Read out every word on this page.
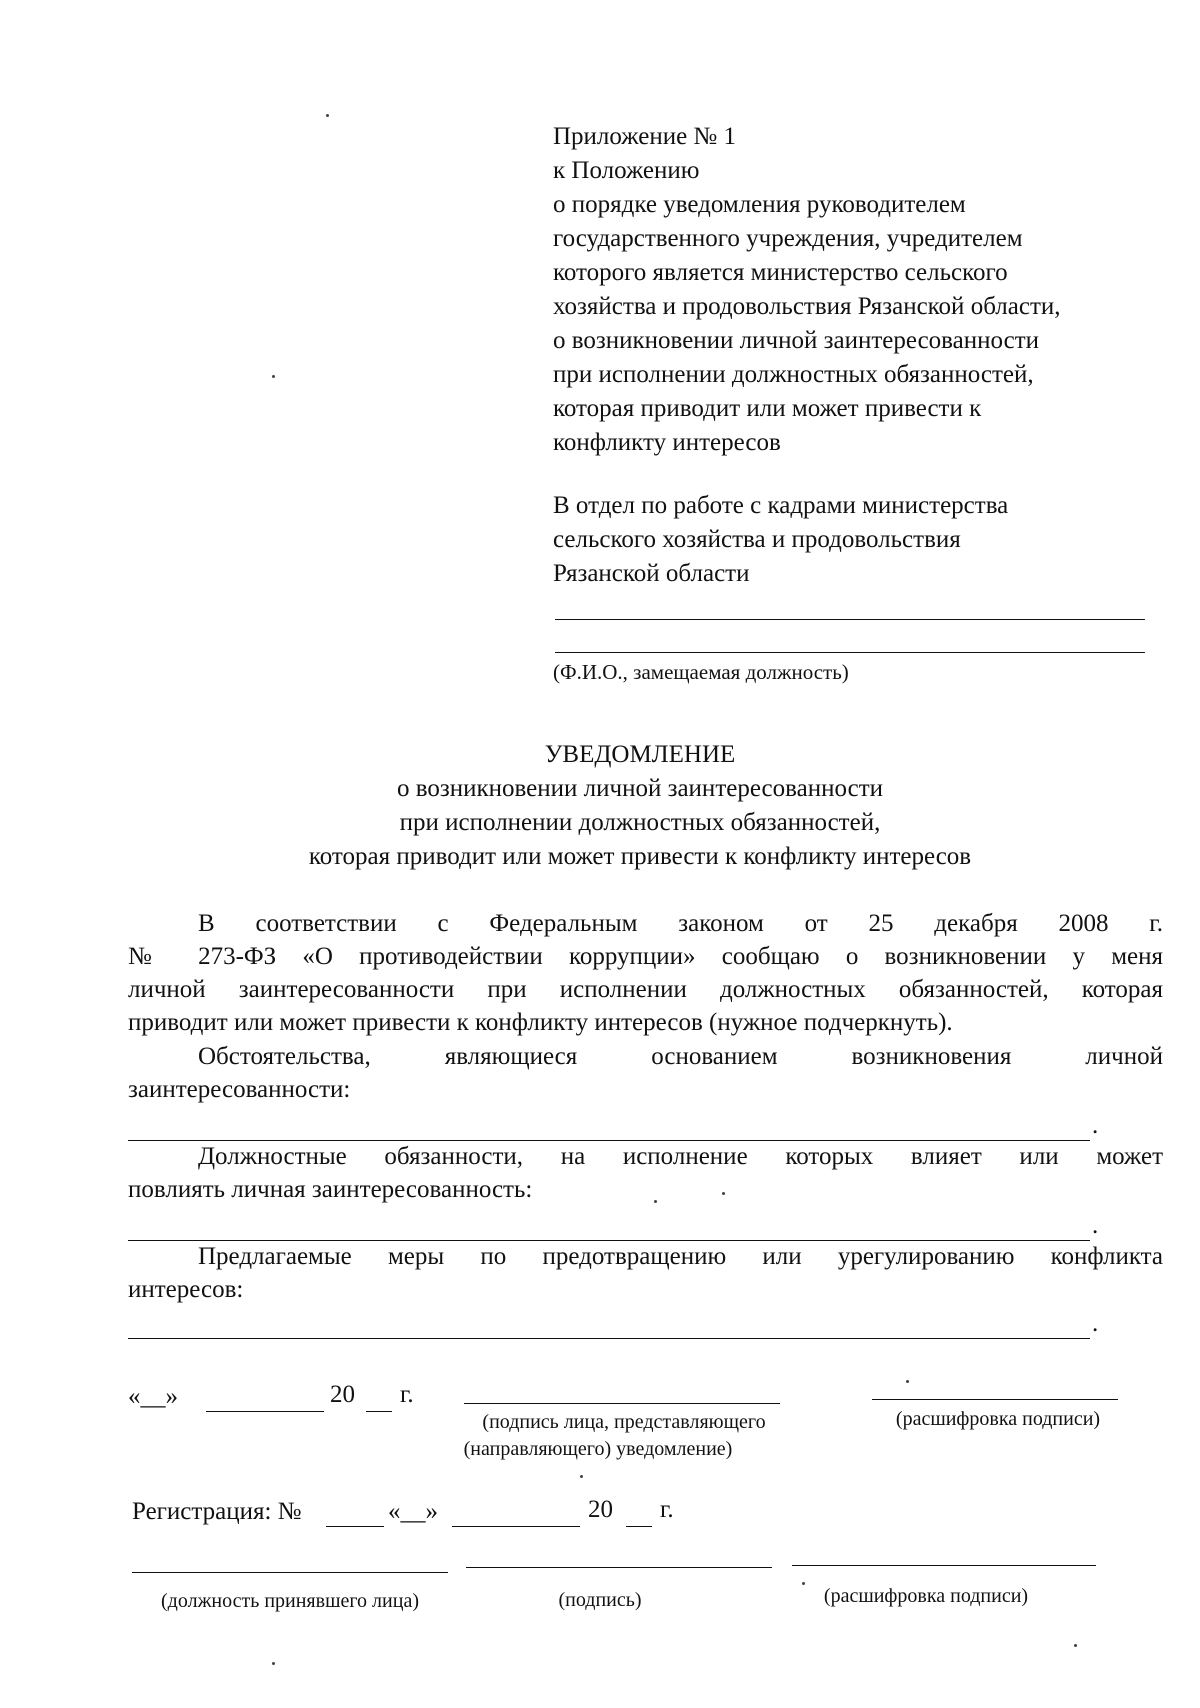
Приложение № 1
к Положению
о порядке уведомления руководителем
государственного учреждения, учредителем
которого является министерство сельского
хозяйства и продовольствия Рязанской области,
о возникновении личной заинтересованности
при исполнении должностных обязанностей,
которая приводит или может привести к
конфликту интересов
В отдел по работе с кадрами министерства
сельского хозяйства и продовольствия
Рязанской области
(Ф.И.О., замещаемая должность)
УВЕДОМЛЕНИЕ
о возникновении личной заинтересованности
при исполнении должностных обязанностей,
которая приводит или может привести к конфликту интересов
В соответствии с Федеральным законом от 25 декабря 2008 г.
№ 273-ФЗ «О противодействии коррупции» сообщаю о возникновении у меня
личной заинтересованности при исполнении должностных обязанностей, которая
приводит или может привести к конфликту интересов (нужное подчеркнуть).
Обстоятельства, являющиеся основанием возникновения личной
заинтересованности:
.
Должностные обязанности, на исполнение которых влияет или может
повлиять личная заинтересованность:
.
Предлагаемые меры по предотвращению или урегулированию конфликта
интересов:
.
«__»	20 г.
(подпись лица, представляющего
(направляющего) уведомление)
(расшифровка подписи)
Регистрация: №	«__»	20 г.
(должность принявшего лица)	(подпись)	(расшифровка подписи)
